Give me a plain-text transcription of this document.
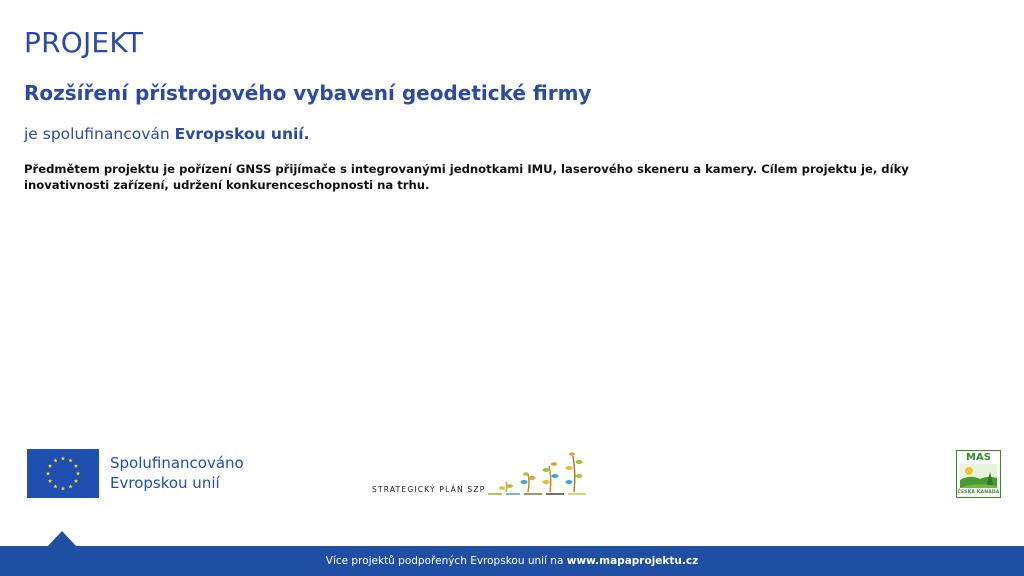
PROJEKT
Rozšíření přístrojového vybavení geodetické firmy
je spolufinancován Evropskou unií.
Předmětem projektu je pořízení GNSS přijímače s integrovanými jednotkami IMU, laserového skeneru a kamery. Cílem projektu je, díky inovativnosti zařízení, udržení konkurenceschopnosti na trhu.
Spolufinancováno
Evropskou unií	STRATEGICKÝ PLÁN SZP
MAS
ČESKÁ KANADA
Více projektů podpořených Evropskou unií na www.mapaprojektu.cz
